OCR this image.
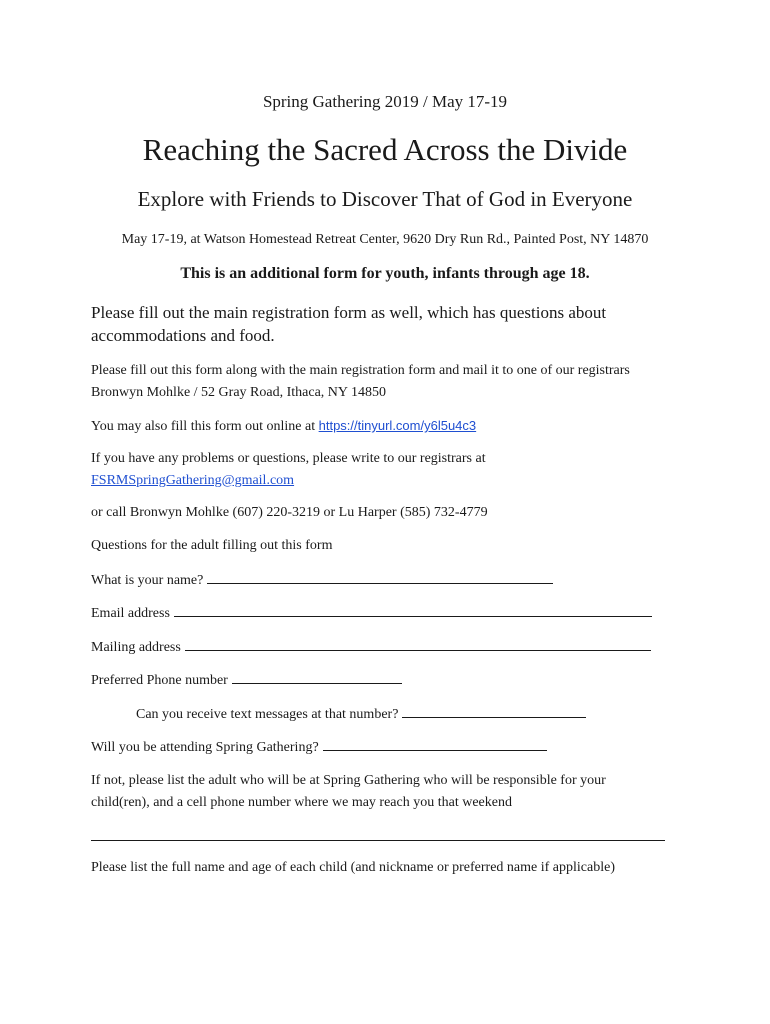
Spring Gathering 2019 / May 17-19
Reaching the Sacred Across the Divide
Explore with Friends to Discover That of God in Everyone
May 17-19, at Watson Homestead Retreat Center, 9620 Dry Run Rd., Painted Post, NY 14870
This is an additional form for youth, infants through age 18.
Please fill out the main registration form as well, which has questions about accommodations and food.
Please fill out this form along with the main registration form and mail it to one of our registrars
Bronwyn Mohlke / 52 Gray Road, Ithaca, NY 14850
You may also fill this form out online at https://tinyurl.com/y6l5u4c3
If you have any problems or questions, please write to our registrars at
FSRMSpringGathering@gmail.com
or call Bronwyn Mohlke (607) 220-3219 or Lu Harper (585) 732-4779
Questions for the adult filling out this form
What is your name?
Email address
Mailing address
Preferred Phone number
Can you receive text messages at that number?
Will you be attending Spring Gathering?
If not, please list the adult who will be at Spring Gathering who will be responsible for your child(ren), and a cell phone number where we may reach you that weekend
Please list the full name and age of each child (and nickname or preferred name if applicable)
